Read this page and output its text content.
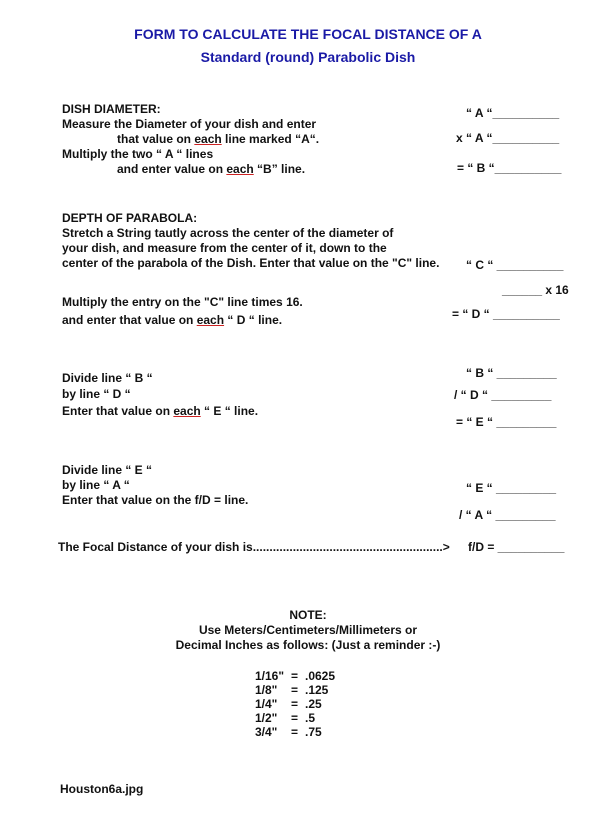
FORM TO CALCULATE THE FOCAL DISTANCE OF A
Standard (round) Parabolic Dish
DISH DIAMETER:
Measure the Diameter of your dish and enter
that value on each line marked “A“.
Multiply the two “ A “ lines
and enter value on each “B” line.
“ A “__________
x “ A “__________
= “ B “__________
DEPTH OF PARABOLA:
Stretch a String tautly across the center of the diameter of
your dish, and measure from the center of it, down to the
center of the parabola of the Dish. Enter that value on the "C" line. “ C “ __________
______ x 16
Multiply the entry on the "C" line times 16.
and enter that value on each “ D “ line.	= “ D “ __________
Divide line “ B “
by line “ D “
Enter that value on each “ E “ line.
“ B “ _________
/ “ D “ _________
= “ E “ _________
Divide line “ E “
by line “ A “
Enter that value on the f/D = line.
“ E “ _________
/ “ A “ _________
The Focal Distance of your dish is.........................................................> f/D = __________
NOTE:
Use Meters/Centimeters/Millimeters or
Decimal Inches as follows: (Just a reminder :-)
1/16" = .0625
1/8"	= .125
1/4"	= .25
1/2"	= .5
3/4"	= .75
Houston6a.jpg
